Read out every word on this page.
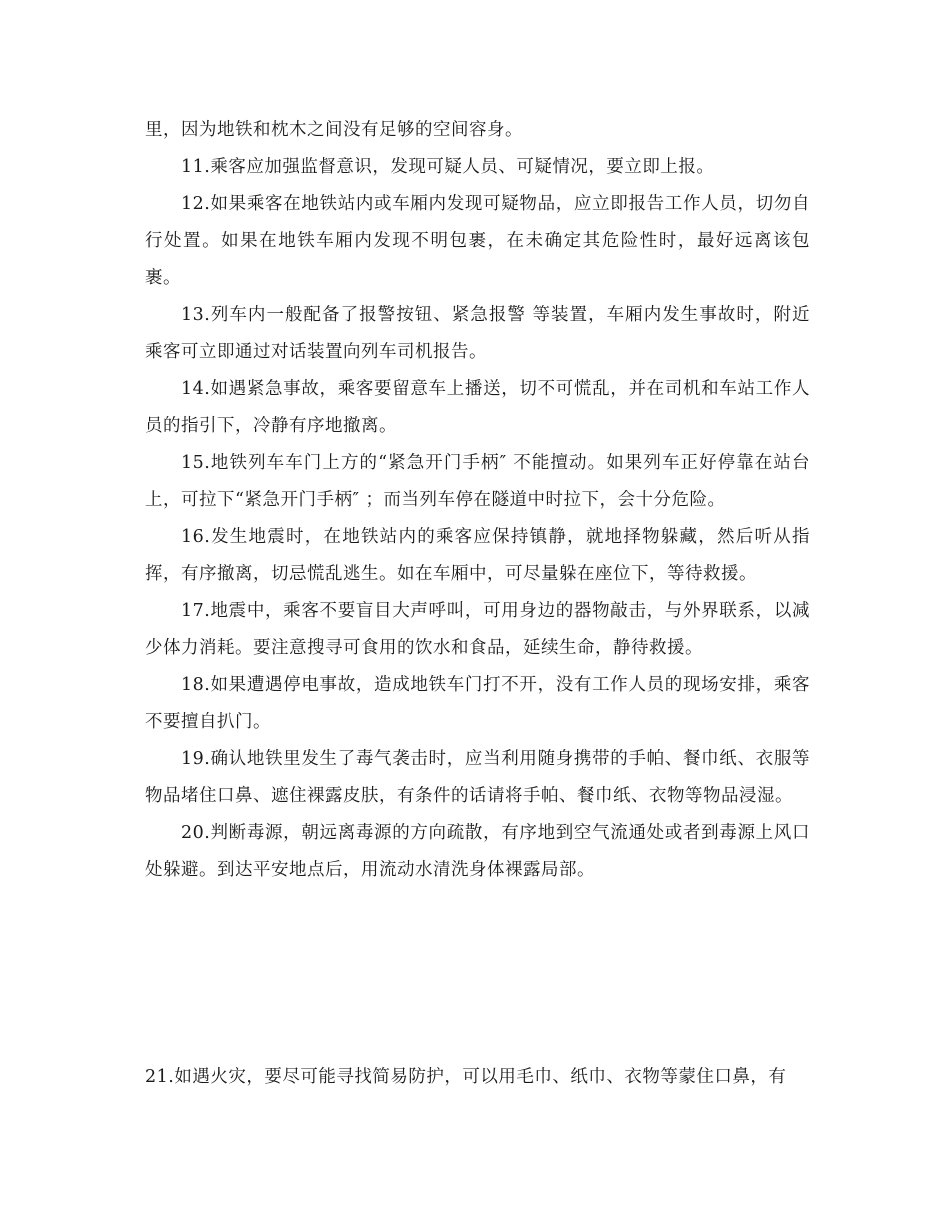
里，因为地铁和枕木之间没有足够的空间容身。

11.乘客应加强监督意识，发现可疑人员、可疑情况，要立即上报。

12.如果乘客在地铁站内或车厢内发现可疑物品，应立即报告工作人员，切勿自行处置。如果在地铁车厢内发现不明包裹，在未确定其危险性时，最好远离该包裹。

13.列车内一般配备了报警按钮、紧急报警 等装置，车厢内发生事故时，附近乘客可立即通过对话装置向列车司机报告。

14.如遇紧急事故，乘客要留意车上播送，切不可慌乱，并在司机和车站工作人员的指引下，冷静有序地撤离。

15.地铁列车车门上方的“紧急开门手柄″ 不能擅动。如果列车正好停靠在站台上，可拉下“紧急开门手柄″ ；而当列车停在隧道中时拉下，会十分危险。

16.发生地震时，在地铁站内的乘客应保持镇静，就地择物躲藏，然后听从指挥，有序撤离，切忌慌乱逃生。如在车厢中，可尽量躲在座位下，等待救援。

17.地震中，乘客不要盲目大声呼叫，可用身边的器物敲击，与外界联系，以减少体力消耗。要注意搜寻可食用的饮水和食品，延续生命，静待救援。

18.如果遭遇停电事故，造成地铁车门打不开，没有工作人员的现场安排，乘客不要擅自扒门。

19.确认地铁里发生了毒气袭击时，应当利用随身携带的手帕、餐巾纸、衣服等物品堵住口鼻、遮住裸露皮肤，有条件的话请将手帕、餐巾纸、衣物等物品浸湿。

20.判断毒源，朝远离毒源的方向疏散，有序地到空气流通处或者到毒源上风口处躲避。到达平安地点后，用流动水清洗身体裸露局部。

21.如遇火灾，要尽可能寻找简易防护，可以用毛巾、纸巾、衣物等蒙住口鼻，有
